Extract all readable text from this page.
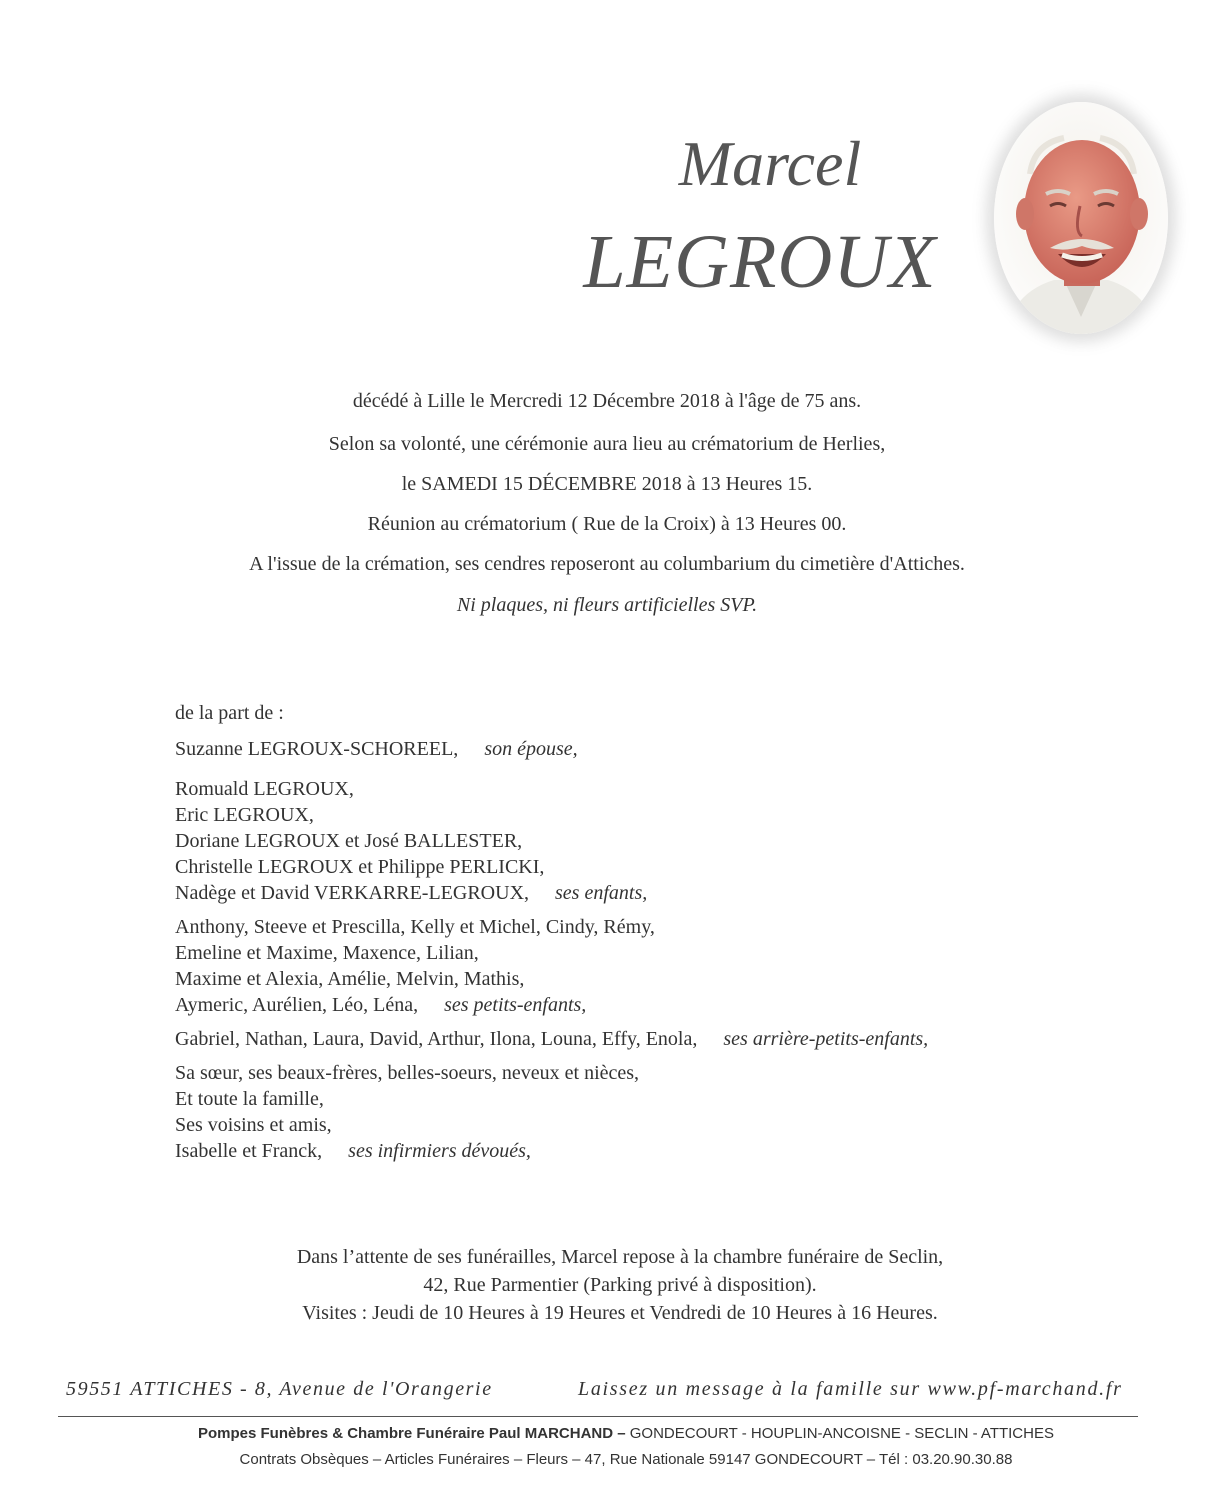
Marcel
LEGROUX
décédé à Lille le Mercredi 12 Décembre 2018 à l'âge de 75 ans.
Selon sa volonté, une cérémonie aura lieu au crématorium de Herlies,
le SAMEDI 15 DÉCEMBRE 2018 à 13 Heures 15.
Réunion au crématorium ( Rue de la Croix) à 13 Heures 00.
A l'issue de la crémation, ses cendres reposeront au columbarium du cimetière d'Attiches.
Ni plaques, ni fleurs artificielles SVP.
de la part de :
Suzanne LEGROUX-SCHOREEL, son épouse,
Romuald LEGROUX,
Eric LEGROUX,
Doriane LEGROUX et José BALLESTER,
Christelle LEGROUX et Philippe PERLICKI,
Nadège et David VERKARRE-LEGROUX, ses enfants,
Anthony, Steeve et Prescilla, Kelly et Michel, Cindy, Rémy,
Emeline et Maxime, Maxence, Lilian,
Maxime et Alexia, Amélie, Melvin, Mathis,
Aymeric, Aurélien, Léo, Léna, ses petits-enfants,
Gabriel, Nathan, Laura, David, Arthur, Ilona, Louna, Effy, Enola, ses arrière-petits-enfants,
Sa sœur, ses beaux-frères, belles-soeurs, neveux et nièces,
Et toute la famille,
Ses voisins et amis,
Isabelle et Franck, ses infirmiers dévoués,
Dans l’attente de ses funérailles, Marcel repose à la chambre funéraire de Seclin,
42, Rue Parmentier (Parking privé à disposition).
Visites : Jeudi de 10 Heures à 19 Heures et Vendredi de 10 Heures à 16 Heures.
59551 ATTICHES - 8, Avenue de l'Orangerie	Laissez un message à la famille sur www.pf-marchand.fr
Pompes Funèbres & Chambre Funéraire Paul MARCHAND – GONDECOURT - HOUPLIN-ANCOISNE - SECLIN - ATTICHES
Contrats Obsèques – Articles Funéraires – Fleurs – 47, Rue Nationale 59147 GONDECOURT – Tél : 03.20.90.30.88
